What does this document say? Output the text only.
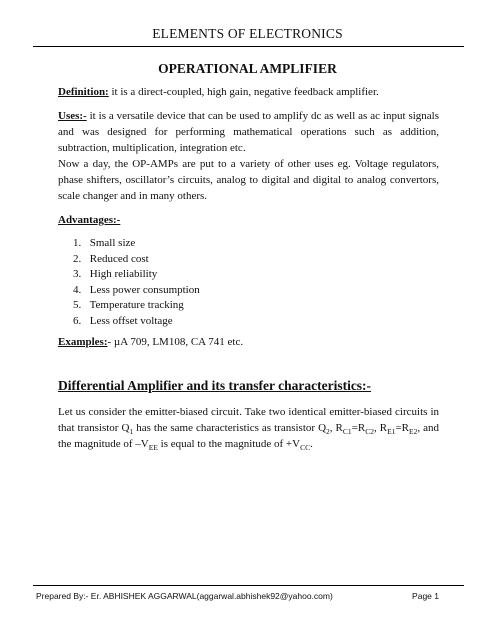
ELEMENTS OF ELECTRONICS
OPERATIONAL AMPLIFIER
Definition: it is a direct-coupled, high gain, negative feedback amplifier.
Uses:- it is a versatile device that can be used to amplify dc as well as ac input signals and was designed for performing mathematical operations such as addition, subtraction, multiplication, integration etc.
Now a day, the OP-AMPs are put to a variety of other uses eg. Voltage regulators, phase shifters, oscillator’s circuits, analog to digital and digital to analog convertors, scale changer and in many others.
Advantages:-
1. Small size
2. Reduced cost
3. High reliability
4. Less power consumption
5. Temperature tracking
6. Less offset voltage
Examples:- µA 709, LM108, CA 741 etc.
Differential Amplifier and its transfer characteristics:-
Let us consider the emitter-biased circuit. Take two identical emitter-biased circuits in that transistor $Q_1$ has the same characteristics as transistor $Q_2$, $R_{C1}=R_{C2}$, $R_{E1}=R_{E2}$, and the magnitude of $-V_{EE}$ is equal to the magnitude of $+V_{CC}$.
Prepared By:- Er. ABHISHEK AGGARWAL(aggarwal.abhishek92@yahoo.com)	Page 1
